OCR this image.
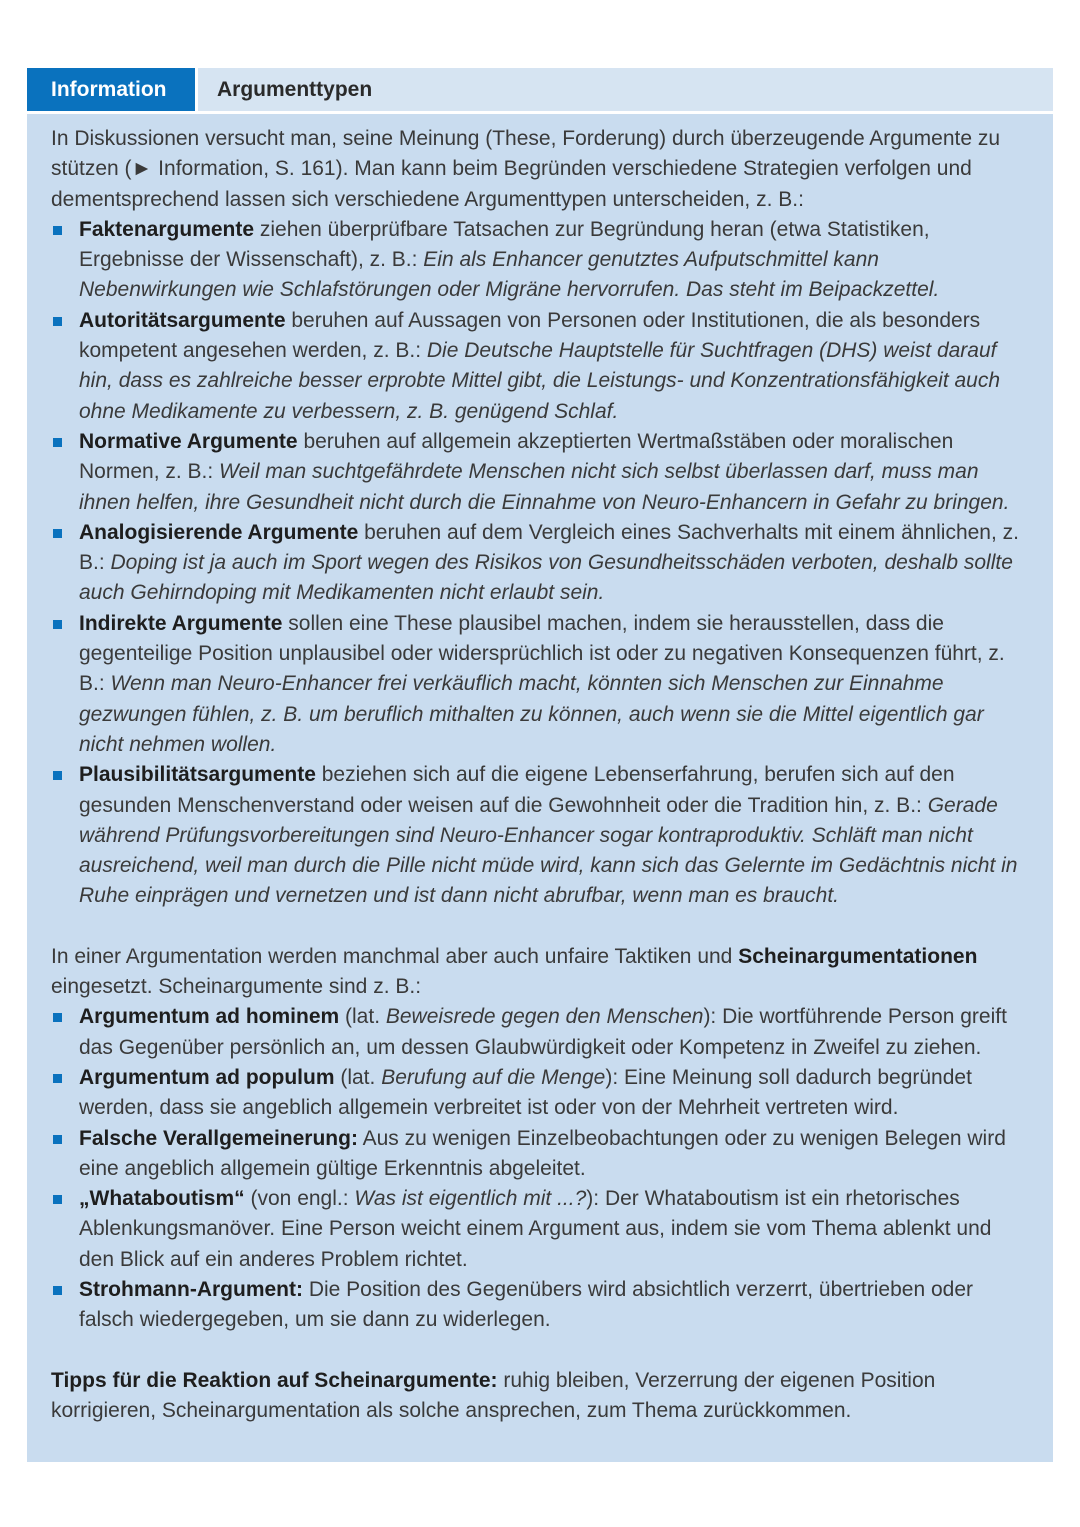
Information	Argumenttypen

In Diskussionen versucht man, seine Meinung (These, Forderung) durch überzeugende Argumente zu stützen (► Information, S. 161). Man kann beim Begründen verschiedene Strategien verfolgen und dementsprechend lassen sich verschiedene Argumenttypen unterscheiden, z. B.:

Faktenargumente ziehen überprüfbare Tatsachen zur Begründung heran (etwa Statistiken, Ergebnisse der Wissenschaft), z. B.: Ein als Enhancer genutztes Aufputschmittel kann Nebenwirkungen wie Schlafstörungen oder Migräne hervorrufen. Das steht im Beipackzettel.
Autoritätsargumente beruhen auf Aussagen von Personen oder Institutionen, die als besonders kompetent angesehen werden, z. B.: Die Deutsche Hauptstelle für Suchtfragen (DHS) weist darauf hin, dass es zahlreiche besser erprobte Mittel gibt, die Leistungs- und Konzentrationsfähigkeit auch ohne Medikamente zu verbessern, z. B. genügend Schlaf.
Normative Argumente beruhen auf allgemein akzeptierten Wertmaßstäben oder moralischen Normen, z. B.: Weil man suchtgefährdete Menschen nicht sich selbst überlassen darf, muss man ihnen helfen, ihre Gesundheit nicht durch die Einnahme von Neuro-Enhancern in Gefahr zu bringen.
Analogisierende Argumente beruhen auf dem Vergleich eines Sachverhalts mit einem ähnlichen, z. B.: Doping ist ja auch im Sport wegen des Risikos von Gesundheitsschäden verboten, deshalb sollte auch Gehirndoping mit Medikamenten nicht erlaubt sein.
Indirekte Argumente sollen eine These plausibel machen, indem sie herausstellen, dass die gegenteilige Position unplausibel oder widersprüchlich ist oder zu negativen Konsequenzen führt, z. B.: Wenn man Neuro-Enhancer frei verkäuflich macht, könnten sich Menschen zur Einnahme gezwungen fühlen, z. B. um beruflich mithalten zu können, auch wenn sie die Mittel eigentlich gar nicht nehmen wollen.
Plausibilitätsargumente beziehen sich auf die eigene Lebenserfahrung, berufen sich auf den gesunden Menschenverstand oder weisen auf die Gewohnheit oder die Tradition hin, z. B.: Gerade während Prüfungsvorbereitungen sind Neuro-Enhancer sogar kontraproduktiv. Schläft man nicht ausreichend, weil man durch die Pille nicht müde wird, kann sich das Gelernte im Gedächtnis nicht in Ruhe einprägen und vernetzen und ist dann nicht abrufbar, wenn man es braucht.

In einer Argumentation werden manchmal aber auch unfaire Taktiken und Scheinargumentationen eingesetzt. Scheinargumente sind z. B.:

Argumentum ad hominem (lat. Beweisrede gegen den Menschen): Die wortführende Person greift das Gegenüber persönlich an, um dessen Glaubwürdigkeit oder Kompetenz in Zweifel zu ziehen.
Argumentum ad populum (lat. Berufung auf die Menge): Eine Meinung soll dadurch begründet werden, dass sie angeblich allgemein verbreitet ist oder von der Mehrheit vertreten wird.
Falsche Verallgemeinerung: Aus zu wenigen Einzelbeobachtungen oder zu wenigen Belegen wird eine angeblich allgemein gültige Erkenntnis abgeleitet.
„Whataboutism“ (von engl.: Was ist eigentlich mit ...?): Der Whataboutism ist ein rhetorisches Ablenkungsmanöver. Eine Person weicht einem Argument aus, indem sie vom Thema ablenkt und den Blick auf ein anderes Problem richtet.
Strohmann-Argument: Die Position des Gegenübers wird absichtlich verzerrt, übertrieben oder falsch wiedergegeben, um sie dann zu widerlegen.

Tipps für die Reaktion auf Scheinargumente: ruhig bleiben, Verzerrung der eigenen Position korrigieren, Scheinargumentation als solche ansprechen, zum Thema zurückkommen.
